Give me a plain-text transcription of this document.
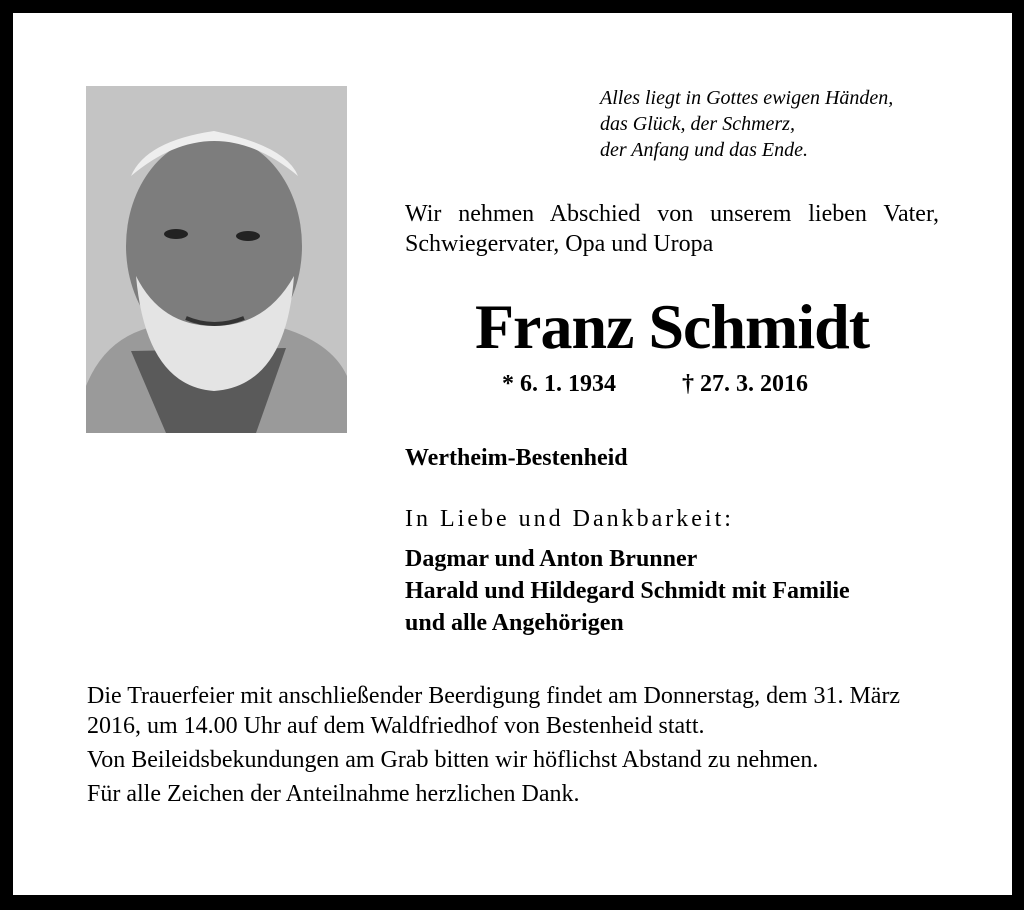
Alles liegt in Gottes ewigen Händen,
das Glück, der Schmerz,
der Anfang und das Ende.
Wir nehmen Abschied von unserem lieben Vater, Schwiegervater, Opa und Uropa
Franz Schmidt
* 6. 1. 1934	† 27. 3. 2016
Wertheim-Bestenheid
In Liebe und Dankbarkeit:
Dagmar und Anton Brunner
Harald und Hildegard Schmidt mit Familie
und alle Angehörigen

Die Trauerfeier mit anschließender Beerdigung findet am Donnerstag, dem 31. März 2016, um 14.00 Uhr auf dem Waldfriedhof von Bestenheid statt.

Von Beileidsbekundungen am Grab bitten wir höflichst Abstand zu nehmen.

Für alle Zeichen der Anteilnahme herzlichen Dank.
